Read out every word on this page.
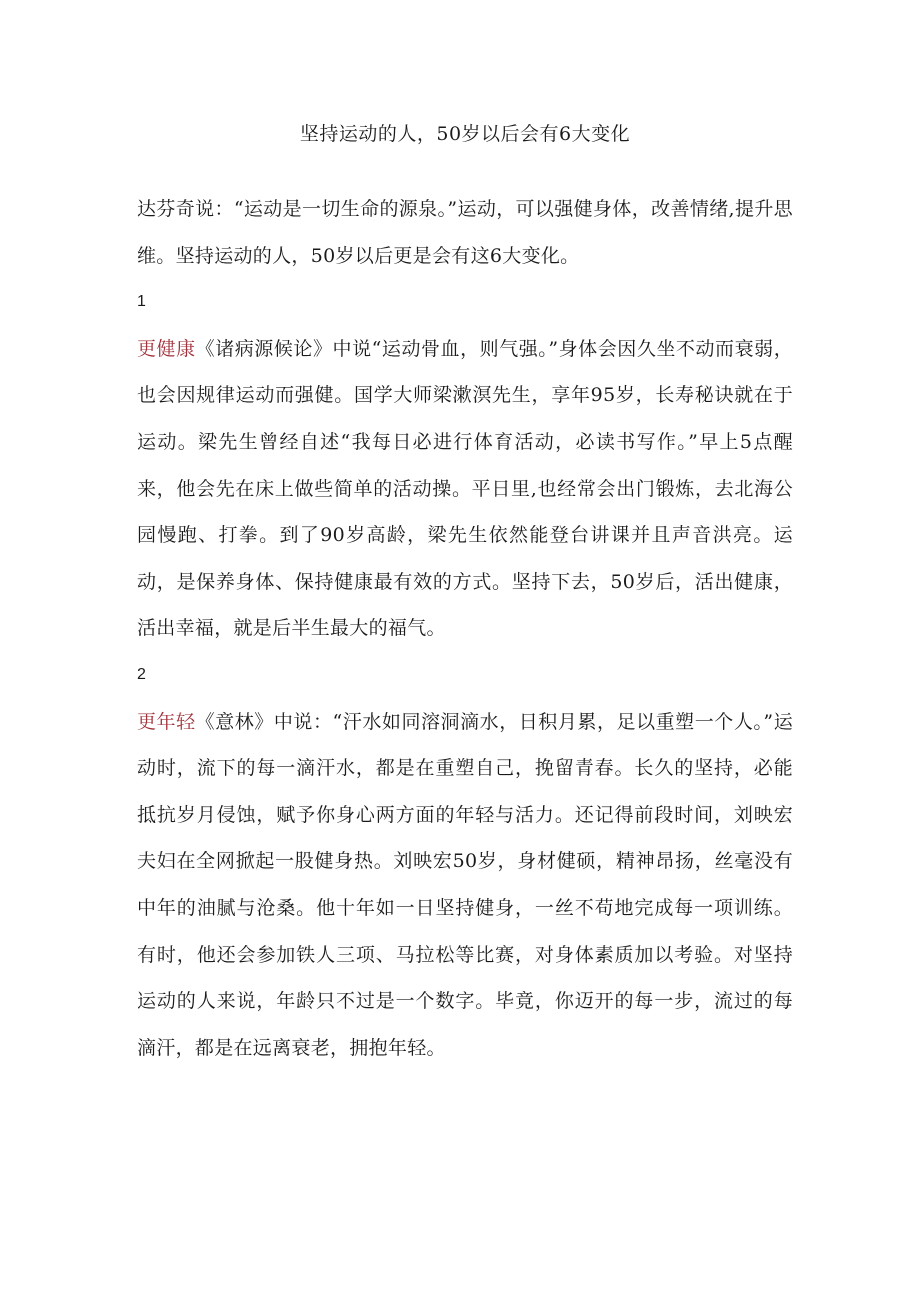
坚持运动的人，50岁以后会有6大变化

达芬奇说：“运动是一切生命的源泉。”运动，可以强健身体，改善情绪,提升思维。坚持运动的人，50岁以后更是会有这6大变化。

1

更健康《诸病源候论》中说“运动骨血，则气强。”身体会因久坐不动而衰弱，也会因规律运动而强健。国学大师梁漱溟先生，享年95岁，长寿秘诀就在于运动。梁先生曾经自述“我每日必进行体育活动，必读书写作。”早上5点醒来，他会先在床上做些简单的活动操。平日里,也经常会出门锻炼，去北海公园慢跑、打拳。到了90岁高龄，梁先生依然能登台讲课并且声音洪亮。运动，是保养身体、保持健康最有效的方式。坚持下去，50岁后，活出健康，活出幸福，就是后半生最大的福气。

2

更年轻《意林》中说：“汗水如同溶洞滴水，日积月累，足以重塑一个人。”运动时，流下的每一滴汗水，都是在重塑自己，挽留青春。长久的坚持，必能抵抗岁月侵蚀，赋予你身心两方面的年轻与活力。还记得前段时间，刘映宏夫妇在全网掀起一股健身热。刘映宏50岁，身材健硕，精神昂扬，丝毫没有中年的油腻与沧桑。他十年如一日坚持健身，一丝不苟地完成每一项训练。有时，他还会参加铁人三项、马拉松等比赛，对身体素质加以考验。对坚持运动的人来说，年龄只不过是一个数字。毕竟，你迈开的每一步，流过的每滴汗，都是在远离衰老，拥抱年轻。
